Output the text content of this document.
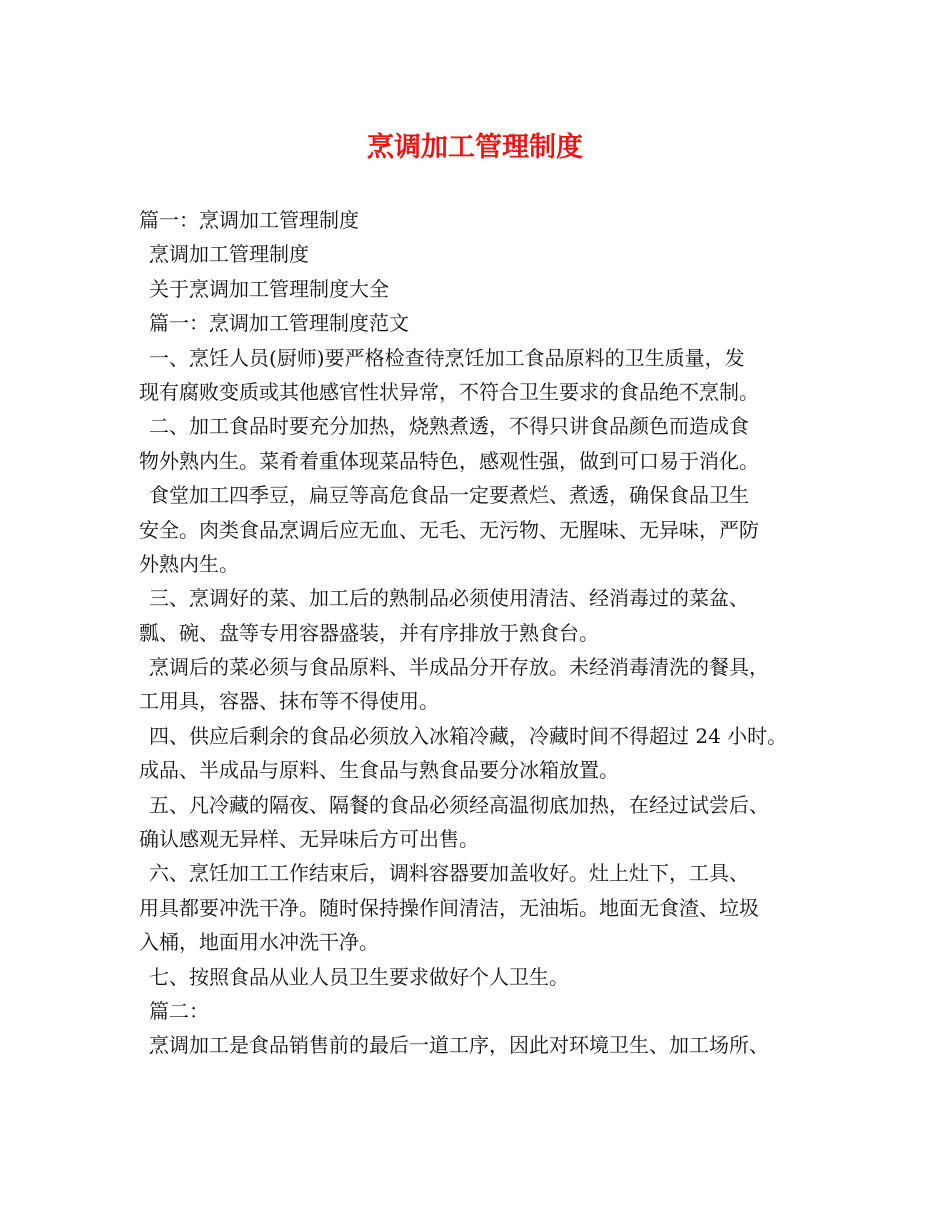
烹调加工管理制度
篇一：烹调加工管理制度
烹调加工管理制度
关于烹调加工管理制度大全
篇一：烹调加工管理制度范文
一、烹饪人员(厨师)要严格检查待烹饪加工食品原料的卫生质量，发
现有腐败变质或其他感官性状异常，不符合卫生要求的食品绝不烹制。
二、加工食品时要充分加热，烧熟煮透，不得只讲食品颜色而造成食
物外熟内生。菜肴着重体现菜品特色，感观性强，做到可口易于消化。
食堂加工四季豆，扁豆等高危食品一定要煮烂、煮透，确保食品卫生
安全。肉类食品烹调后应无血、无毛、无污物、无腥味、无异味，严防
外熟内生。
三、烹调好的菜、加工后的熟制品必须使用清洁、经消毒过的菜盆、
瓢、碗、盘等专用容器盛装，并有序排放于熟食台。
烹调后的菜必须与食品原料、半成品分开存放。未经消毒清洗的餐具，
工用具，容器、抹布等不得使用。
四、供应后剩余的食品必须放入冰箱冷藏，冷藏时间不得超过 24 小时。
成品、半成品与原料、生食品与熟食品要分冰箱放置。
五、凡冷藏的隔夜、隔餐的食品必须经高温彻底加热，在经过试尝后、
确认感观无异样、无异味后方可出售。
六、烹饪加工工作结束后，调料容器要加盖收好。灶上灶下，工具、
用具都要冲洗干净。随时保持操作间清洁，无油垢。地面无食渣、垃圾
入桶，地面用水冲洗干净。
七、按照食品从业人员卫生要求做好个人卫生。
篇二：
烹调加工是食品销售前的最后一道工序，因此对环境卫生、加工场所、
